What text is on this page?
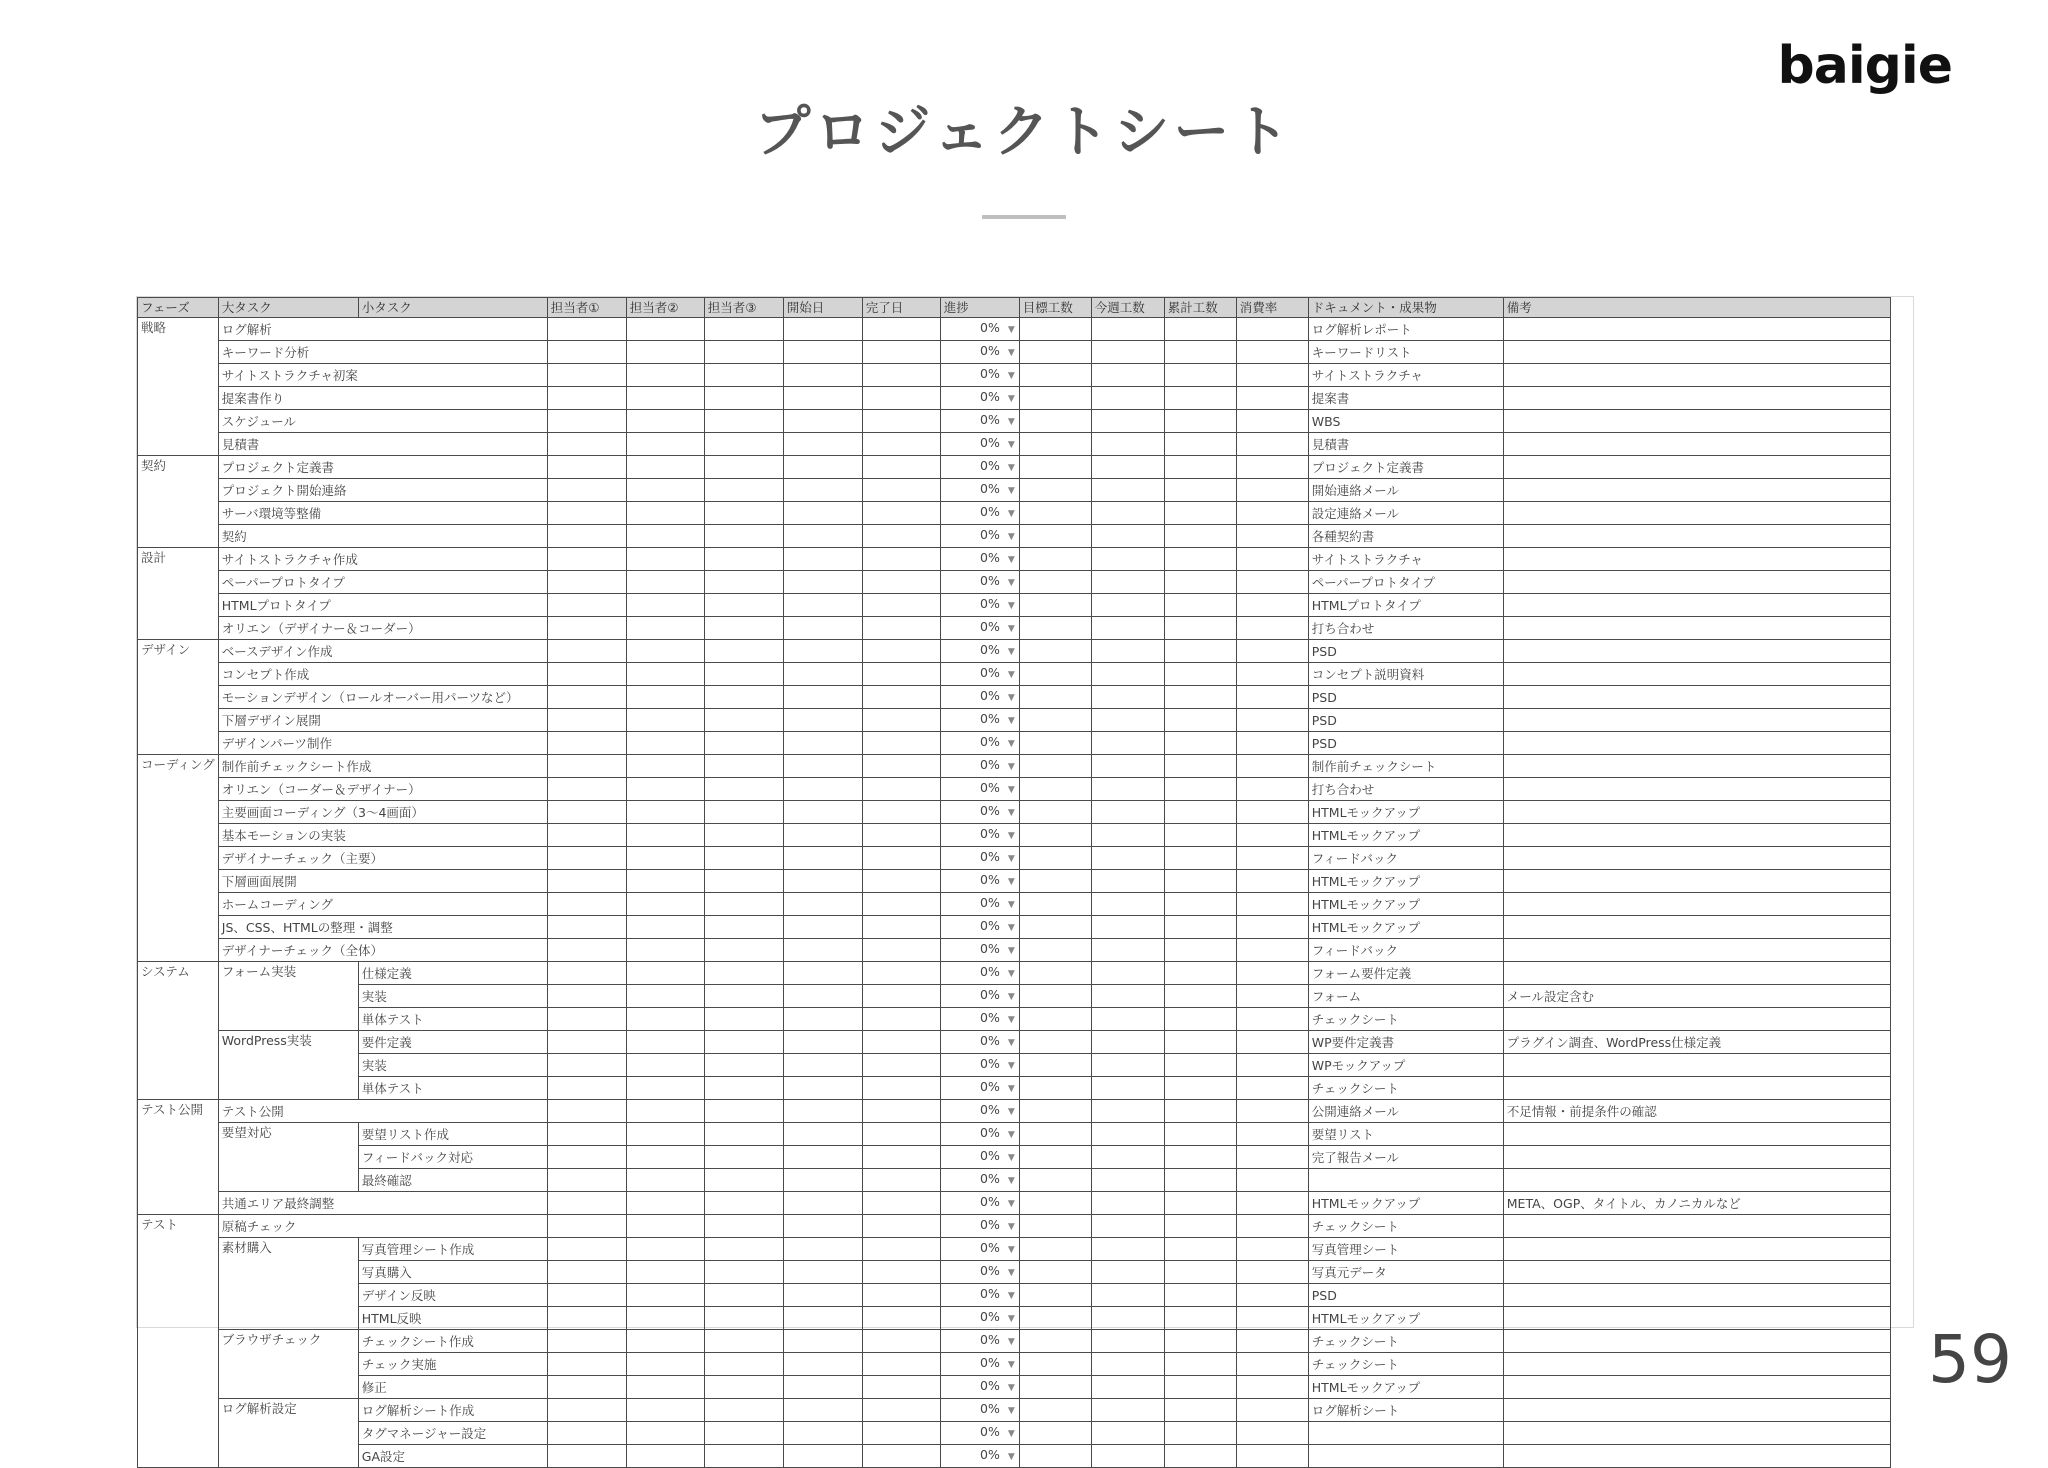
baigie
プロジェクトシート
フェーズ	大タスク	小タスク	担当者①	担当者②	担当者③	開始日	完了日	進捗	目標工数	今週工数	累計工数	消費率	ドキュメント・成果物	備考
戦略	ログ解析							0% ▼					ログ解析レポート	
	キーワード分析							0% ▼					キーワードリスト	
	サイトストラクチャ初案							0% ▼					サイトストラクチャ	
	提案書作り							0% ▼					提案書	
	スケジュール							0% ▼					WBS	
	見積書							0% ▼					見積書	
契約	プロジェクト定義書							0% ▼					プロジェクト定義書	
	プロジェクト開始連絡							0% ▼					開始連絡メール	
	サーバ環境等整備							0% ▼					設定連絡メール	
	契約							0% ▼					各種契約書	
設計	サイトストラクチャ作成							0% ▼					サイトストラクチャ	
	ペーパープロトタイプ							0% ▼					ペーパープロトタイプ	
	HTMLプロトタイプ							0% ▼					HTMLプロトタイプ	
	オリエン（デザイナー＆コーダー）							0% ▼					打ち合わせ	
デザイン	ベースデザイン作成							0% ▼					PSD	
	コンセプト作成							0% ▼					コンセプト説明資料	
	モーションデザイン（ロールオーバー用パーツなど）							0% ▼					PSD	
	下層デザイン展開							0% ▼					PSD	
	デザインパーツ制作							0% ▼					PSD	
コーディング	制作前チェックシート作成							0% ▼					制作前チェックシート	
	オリエン（コーダー＆デザイナー）							0% ▼					打ち合わせ	
	主要画面コーディング（3〜4画面）							0% ▼					HTMLモックアップ	
	基本モーションの実装							0% ▼					HTMLモックアップ	
	デザイナーチェック（主要）							0% ▼					フィードバック	
	下層画面展開							0% ▼					HTMLモックアップ	
	ホームコーディング							0% ▼					HTMLモックアップ	
	JS、CSS、HTMLの整理・調整							0% ▼					HTMLモックアップ	
	デザイナーチェック（全体）							0% ▼					フィードバック	
システム	フォーム実装	仕様定義						0% ▼					フォーム要件定義	
		実装						0% ▼					フォーム	メール設定含む
		単体テスト						0% ▼					チェックシート	
	WordPress実装	要件定義						0% ▼					WP要件定義書	プラグイン調査、WordPress仕様定義
		実装						0% ▼					WPモックアップ	
		単体テスト						0% ▼					チェックシート	
テスト公開	テスト公開							0% ▼					公開連絡メール	不足情報・前提条件の確認
	要望対応	要望リスト作成						0% ▼					要望リスト	
		フィードバック対応						0% ▼					完了報告メール	
		最終確認						0% ▼						
	共通エリア最終調整							0% ▼					HTMLモックアップ	META、OGP、タイトル、カノニカルなど
テスト	原稿チェック							0% ▼					チェックシート	
	素材購入	写真管理シート作成						0% ▼					写真管理シート	
		写真購入						0% ▼					写真元データ	
		デザイン反映						0% ▼					PSD	
		HTML反映						0% ▼					HTMLモックアップ	
	ブラウザチェック	チェックシート作成						0% ▼					チェックシート	
		チェック実施						0% ▼					チェックシート	
		修正						0% ▼					HTMLモックアップ	
	ログ解析設定	ログ解析シート作成						0% ▼					ログ解析シート	
		タグマネージャー設定						0% ▼						
		GA設定						0% ▼						
59
